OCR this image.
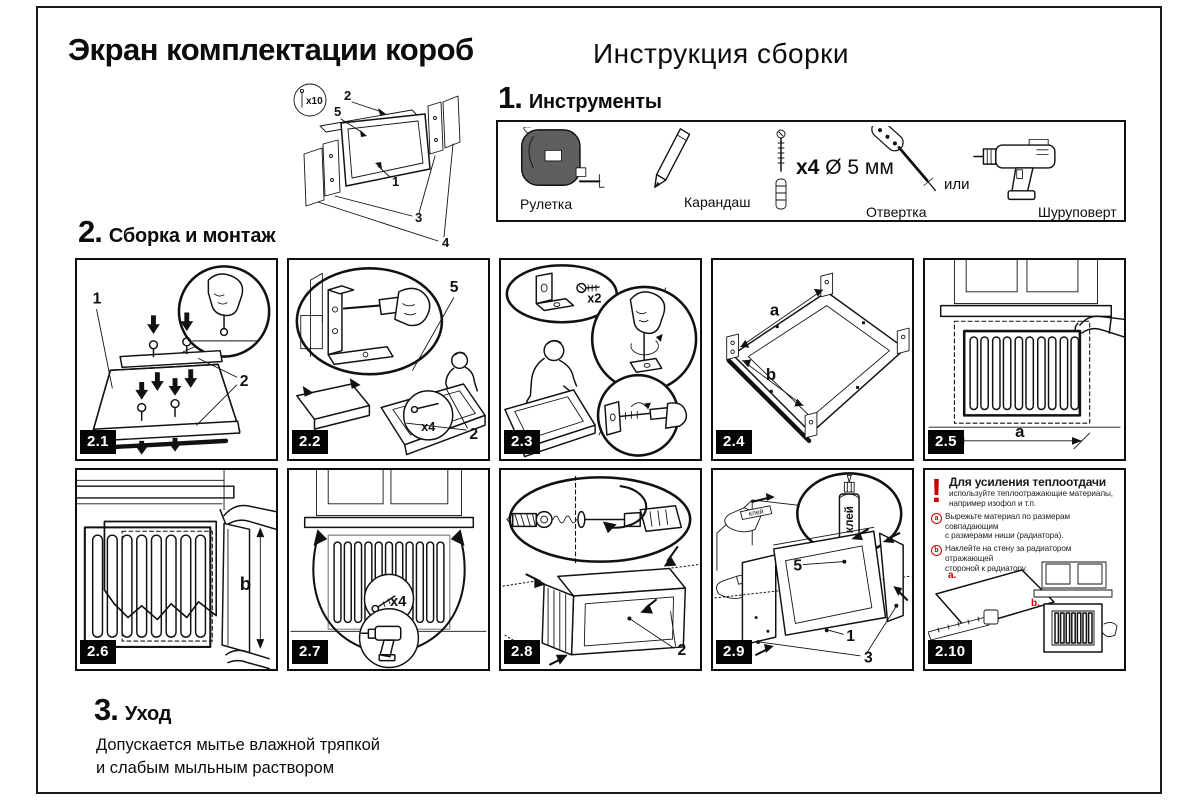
Экран комплектации короб	Инструкция сборки
x10 2
5
1
3
4
1. Инструменты
Рулетка	Карандаш
x4 Ø 5 мм
Отвертка
или
Шуруповерт
2. Сборка и монтаж
1
2
2.1
5
x4 2
2.2
x2
2.3
a
b
2.4
a
2.5
b
2.6
x4
2.7	2
2.8
клей
клей
5
1
3
2.9
! Для усиления теплоотдачи
используйте теплоотражающие материалы,
например изофол и т.п.
a Вырежьте материал по размерам совпадающим
с размерами ниши (радиатора).
b Наклейте на стену за радиатором отражающей
стороной к радиатору.
a.
b.
2.10
3. Уход
Допускается мытье влажной тряпкой
и слабым мыльным раствором
